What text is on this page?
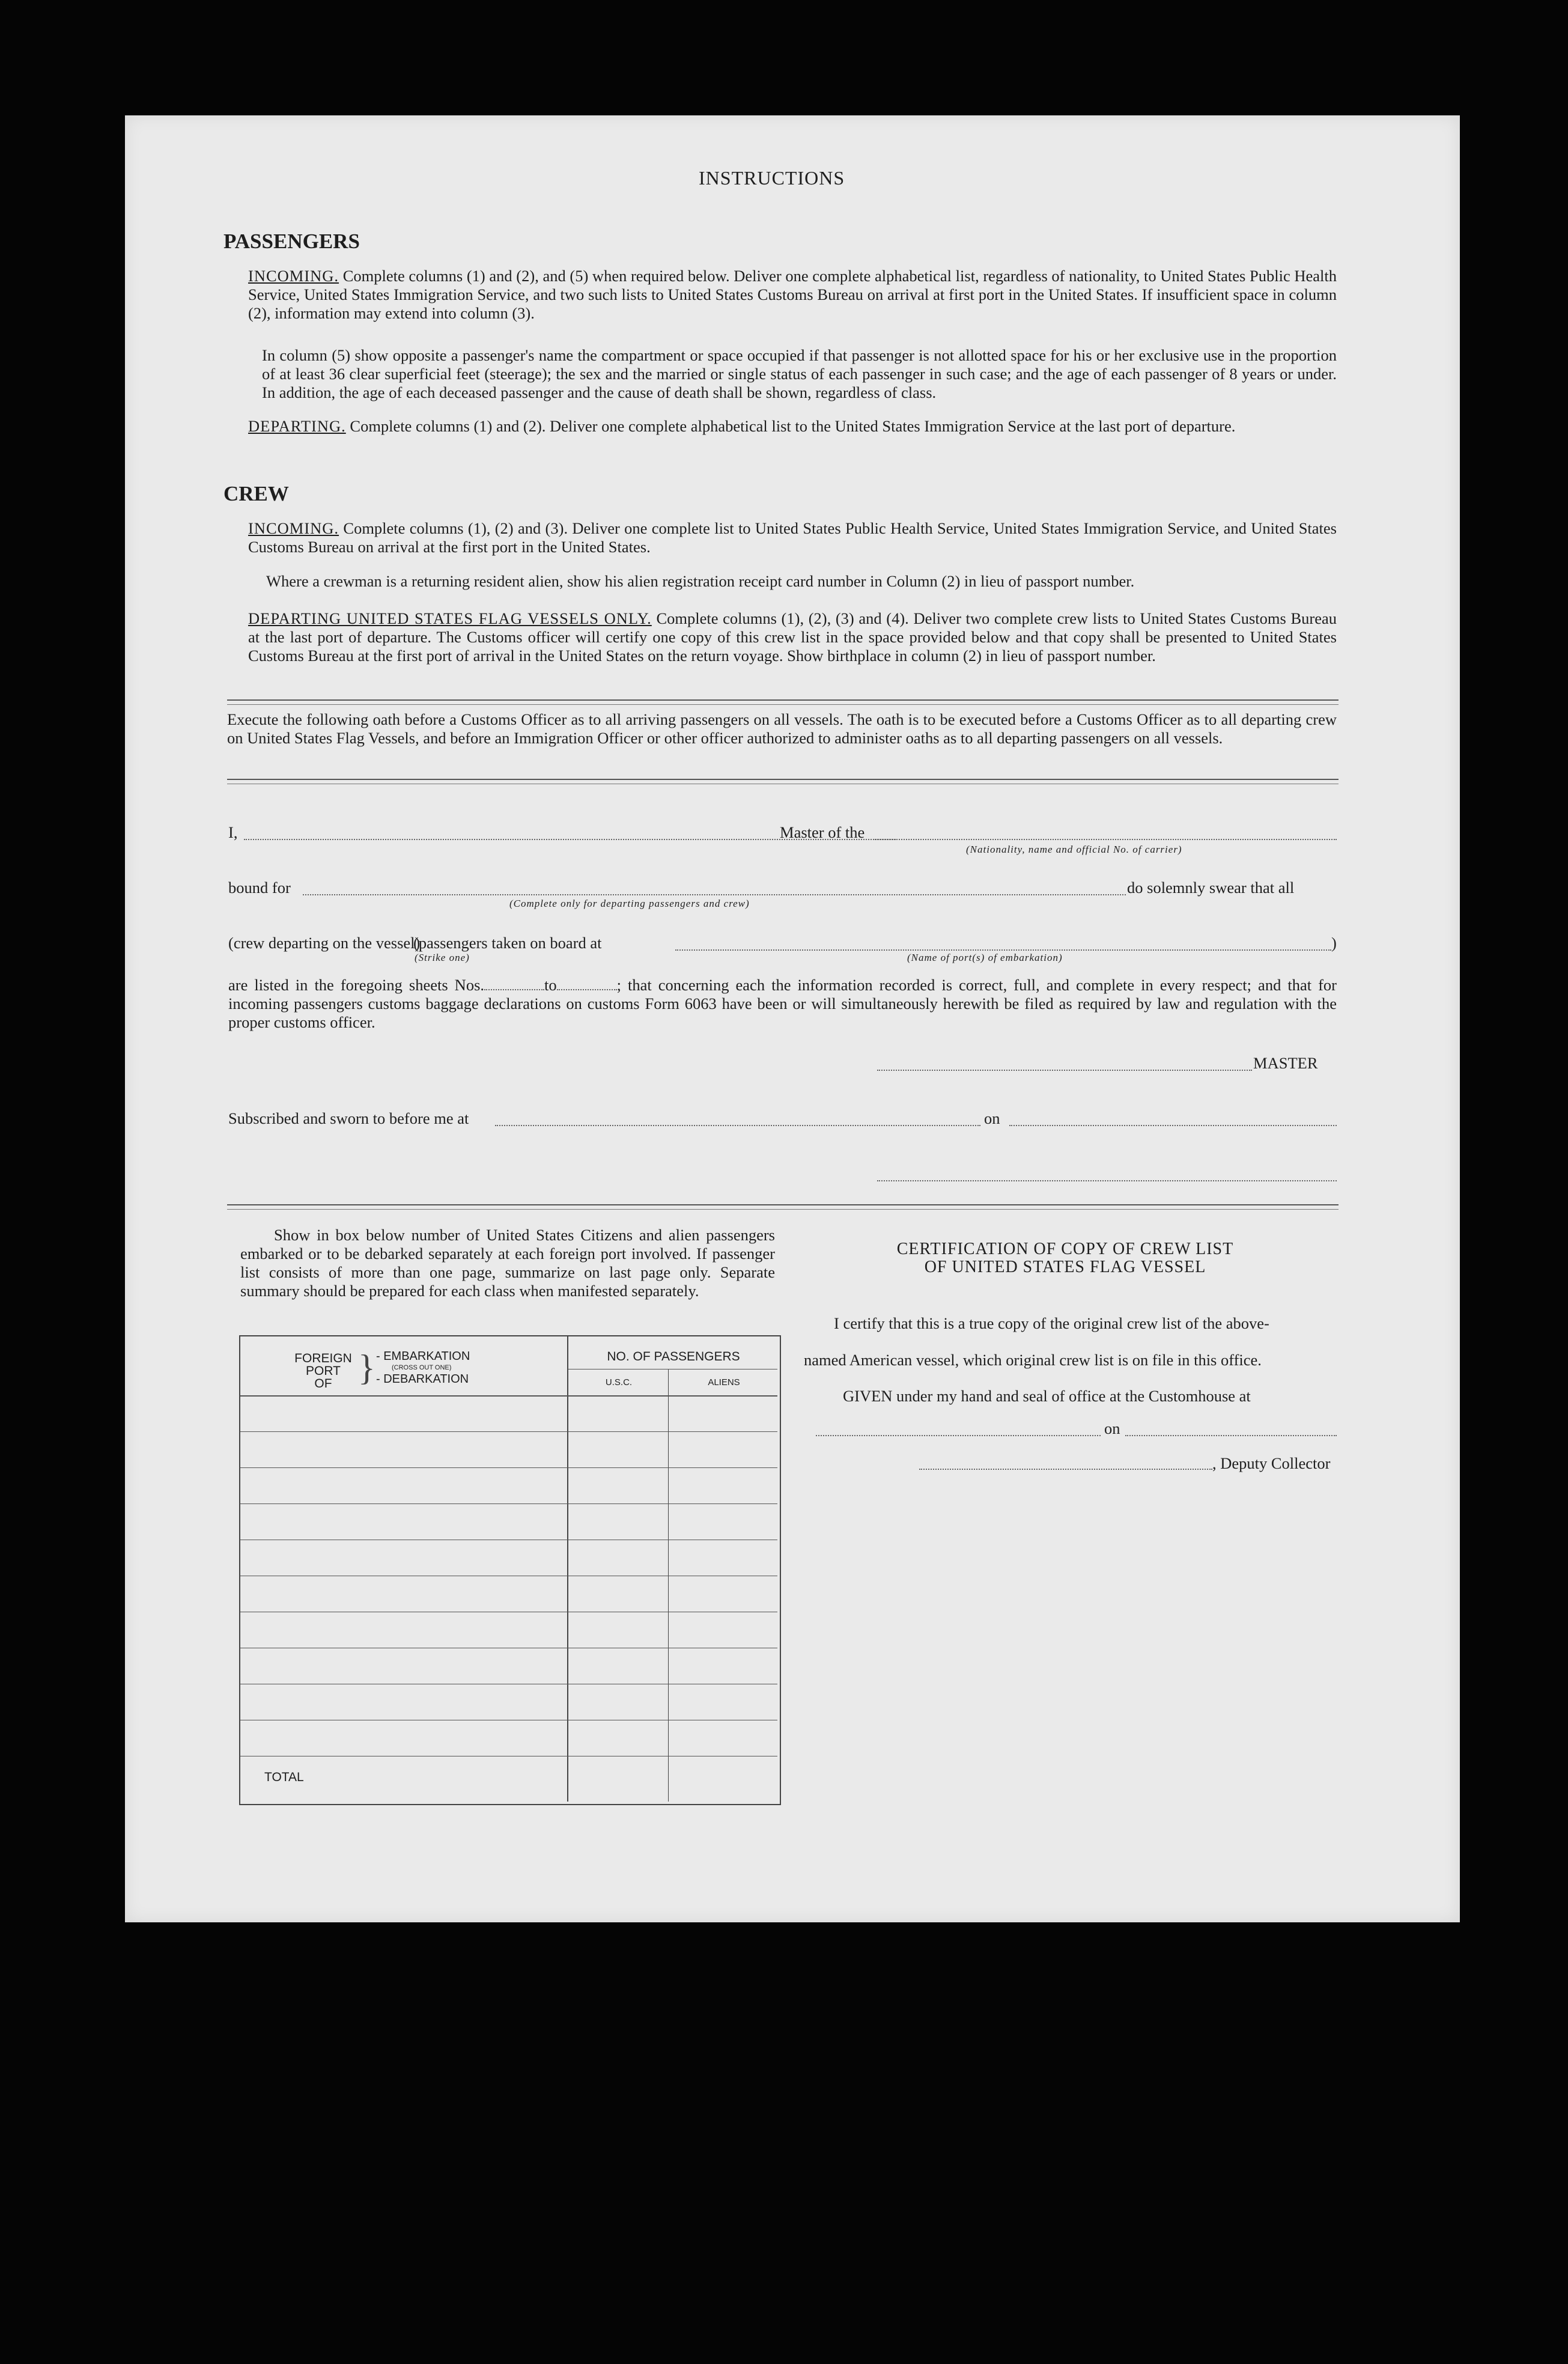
INSTRUCTIONS
PASSENGERS

INCOMING. Complete columns (1) and (2), and (5) when required below. Deliver one complete alphabetical list, regardless of nationality, to United States Public Health Service, United States Immigration Service, and two such lists to United States Customs Bureau on arrival at first port in the United States. If insufficient space in column (2), information may extend into column (3).

In column (5) show opposite a passenger's name the compartment or space occupied if that passenger is not allotted space for his or her exclusive use in the proportion of at least 36 clear superficial feet (steerage); the sex and the married or single status of each passenger in such case; and the age of each passenger of 8 years or under. In addition, the age of each deceased passenger and the cause of death shall be shown, regardless of class.

DEPARTING. Complete columns (1) and (2). Deliver one complete alphabetical list to the United States Immigration Service at the last port of departure.

CREW

INCOMING. Complete columns (1), (2) and (3). Deliver one complete list to United States Public Health Service, United States Immigration Service, and United States Customs Bureau on arrival at the first port in the United States.

Where a crewman is a returning resident alien, show his alien registration receipt card number in Column (2) in lieu of passport number.

DEPARTING UNITED STATES FLAG VESSELS ONLY. Complete columns (1), (2), (3) and (4). Deliver two complete crew lists to United States Customs Bureau at the last port of departure. The Customs officer will certify one copy of this crew list in the space provided below and that copy shall be presented to United States Customs Bureau at the first port of arrival in the United States on the return voyage. Show birthplace in column (2) in lieu of passport number.

Execute the following oath before a Customs Officer as to all arriving passengers on all vessels. The oath is to be executed before a Customs Officer as to all departing crew on United States Flag Vessels, and before an Immigration Officer or other officer authorized to administer oaths as to all departing passengers on all vessels.

I,	Master of the
(Nationality, name and official No. of carrier)
bound for	do solemnly swear that all
(Complete only for departing passengers and crew)
(crew departing on the vessel)
(passengers taken on board at	)
(Strike one)	(Name of port(s) of embarkation)

are listed in the foregoing sheets Nos.	to	; that concerning each the information recorded is correct, full, and complete in every respect; and that for incoming passengers customs baggage declarations on customs Form 6063 have been or will simultaneously herewith be filed as required by law and regulation with the proper customs officer.

MASTER
Subscribed and sworn to before me at	on

Show in box below number of United States Citizens and alien passengers embarked or to be debarked separately at each foreign port involved. If passenger list consists of more than one page, summarize on last page only. Separate summary should be prepared for each class when manifested separately.

FOREIGN
PORT
OF } - EMBARKATION
(CROSS OUT ONE)
- DEBARKATION
NO. OF PASSENGERS
U.S.C.	ALIENS
TOTAL
CERTIFICATION OF COPY OF CREW LIST
OF UNITED STATES FLAG VESSEL
I certify that this is a true copy of the original crew list of the above-
named American vessel, which original crew list is on file in this office.
GIVEN under my hand and seal of office at the Customhouse at
on
, Deputy Collector
